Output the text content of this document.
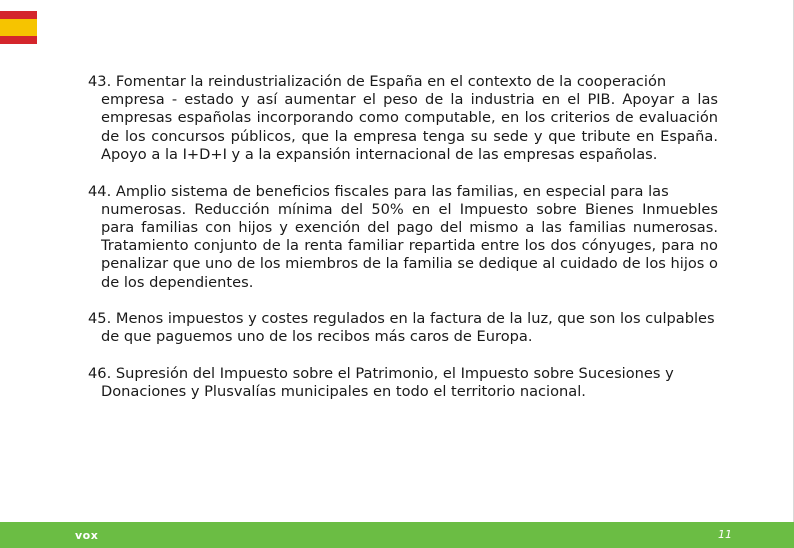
43. Fomentar la reindustrialización de España en el contexto de la cooperación
empresa - estado y así aumentar el peso de la industria en el PIB. Apoyar a las empresas españolas incorporando como computable, en los criterios de evaluación de los concursos públicos, que la empresa tenga su sede y que tribute en España. Apoyo a la I+D+I y a la expansión internacional de las empresas españolas.
44. Amplio sistema de beneficios fiscales para las familias, en especial para las
numerosas. Reducción mínima del 50% en el Impuesto sobre Bienes Inmuebles para familias con hijos y exención del pago del mismo a las familias numerosas. Tratamiento conjunto de la renta familiar repartida entre los dos cónyuges, para no penalizar que uno de los miembros de la familia se dedique al cuidado de los hijos o de los dependientes.
45. Menos impuestos y costes regulados en la factura de la luz, que son los culpables
de que paguemos uno de los recibos más caros de Europa.
46. Supresión del Impuesto sobre el Patrimonio, el Impuesto sobre Sucesiones y
Donaciones y Plusvalías municipales en todo el territorio nacional.
vox	11
